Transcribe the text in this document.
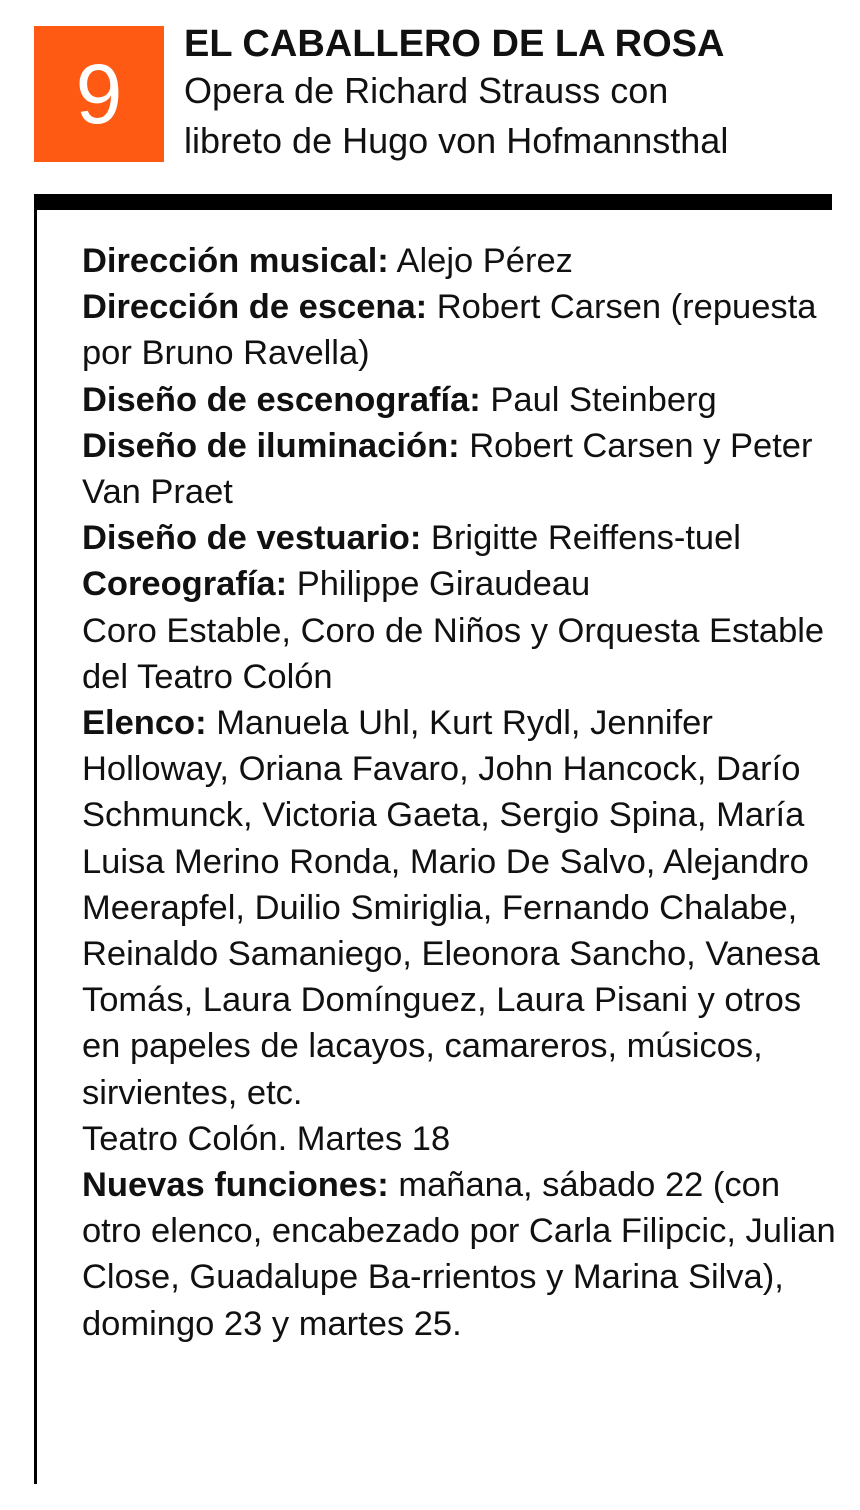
9
EL CABALLERO DE LA ROSA
Opera de Richard Strauss con
libreto de Hugo von Hofmannsthal

Dirección musical: Alejo Pérez

Dirección de escena: Robert Carsen (repuesta por Bruno Ravella)

Diseño de escenografía: Paul Steinberg

Diseño de iluminación: Robert Carsen y Peter Van Praet

Diseño de vestuario: Brigitte Reiffens-tuel

Coreografía: Philippe Giraudeau

Coro Estable, Coro de Niños y Orquesta Estable del Teatro Colón

Elenco: Manuela Uhl, Kurt Rydl, Jennifer Holloway, Oriana Favaro, John Hancock, Darío Schmunck, Victoria Gaeta, Sergio Spina, María Luisa Merino Ronda, Mario De Salvo, Alejandro Meerapfel, Duilio Smiriglia, Fernando Chalabe, Reinaldo Samaniego, Eleonora Sancho, Vanesa Tomás, Laura Domínguez, Laura Pisani y otros en papeles de lacayos, camareros, músicos, sirvientes, etc.

Teatro Colón. Martes 18

Nuevas funciones: mañana, sábado 22 (con otro elenco, encabezado por Carla Filipcic, Julian Close, Guadalupe Ba-rrientos y Marina Silva), domingo 23 y martes 25.
